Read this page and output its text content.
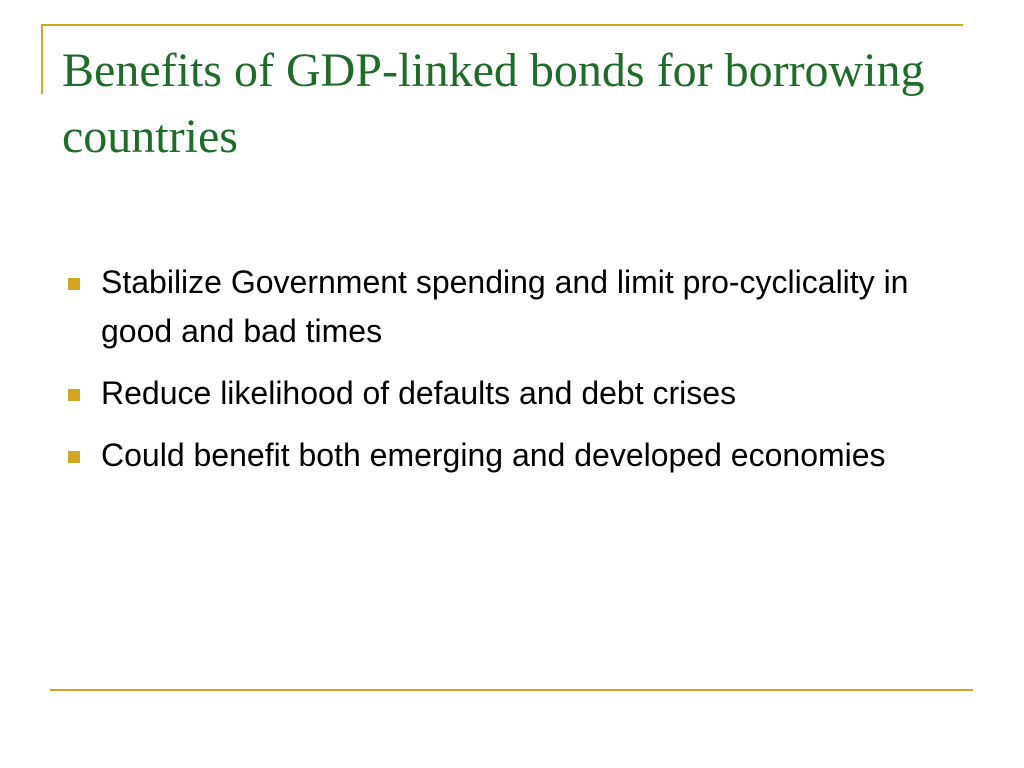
Benefits of GDP-linked bonds for borrowing countries
Stabilize Government spending and limit pro-cyclicality in good and bad times
Reduce likelihood of defaults and debt crises
Could benefit both emerging and developed economies
